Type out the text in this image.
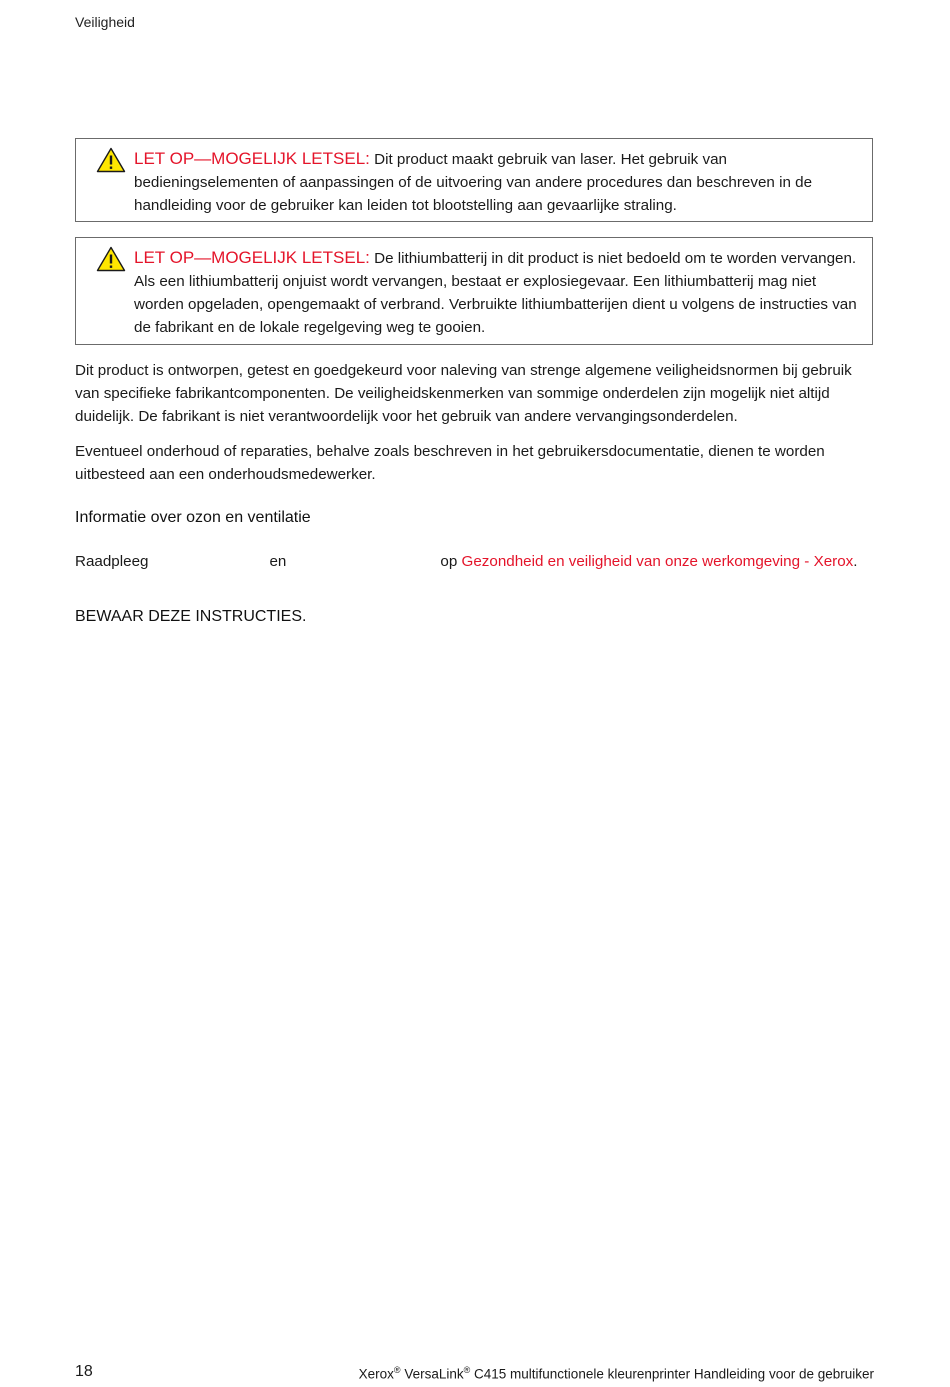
Veiligheid
LET OP—MOGELIJK LETSEL: Dit product maakt gebruik van laser. Het gebruik van bedieningselementen of aanpassingen of de uitvoering van andere procedures dan beschreven in de handleiding voor de gebruiker kan leiden tot blootstelling aan gevaarlijke straling.
LET OP—MOGELIJK LETSEL: De lithiumbatterij in dit product is niet bedoeld om te worden vervangen. Als een lithiumbatterij onjuist wordt vervangen, bestaat er explosiegevaar. Een lithiumbatterij mag niet worden opgeladen, opengemaakt of verbrand. Verbruikte lithiumbatterijen dient u volgens de instructies van de fabrikant en de lokale regelgeving weg te gooien.

Dit product is ontworpen, getest en goedgekeurd voor naleving van strenge algemene veiligheidsnormen bij gebruik van specifieke fabrikantcomponenten. De veiligheidskenmerken van sommige onderdelen zijn mogelijk niet altijd duidelijk. De fabrikant is niet verantwoordelijk voor het gebruik van andere vervangingsonderdelen.

Eventueel onderhoud of reparaties, behalve zoals beschreven in het gebruikersdocumentatie, dienen te worden uitbesteed aan een onderhoudsmedewerker.

Informatie over ozon en ventilatie
Raadpleeg	en	op Gezondheid en veiligheid van onze werkomgeving - Xerox.
BEWAAR DEZE INSTRUCTIES.
18	Xerox® VersaLink® C415 multifunctionele kleurenprinter Handleiding voor de gebruiker
